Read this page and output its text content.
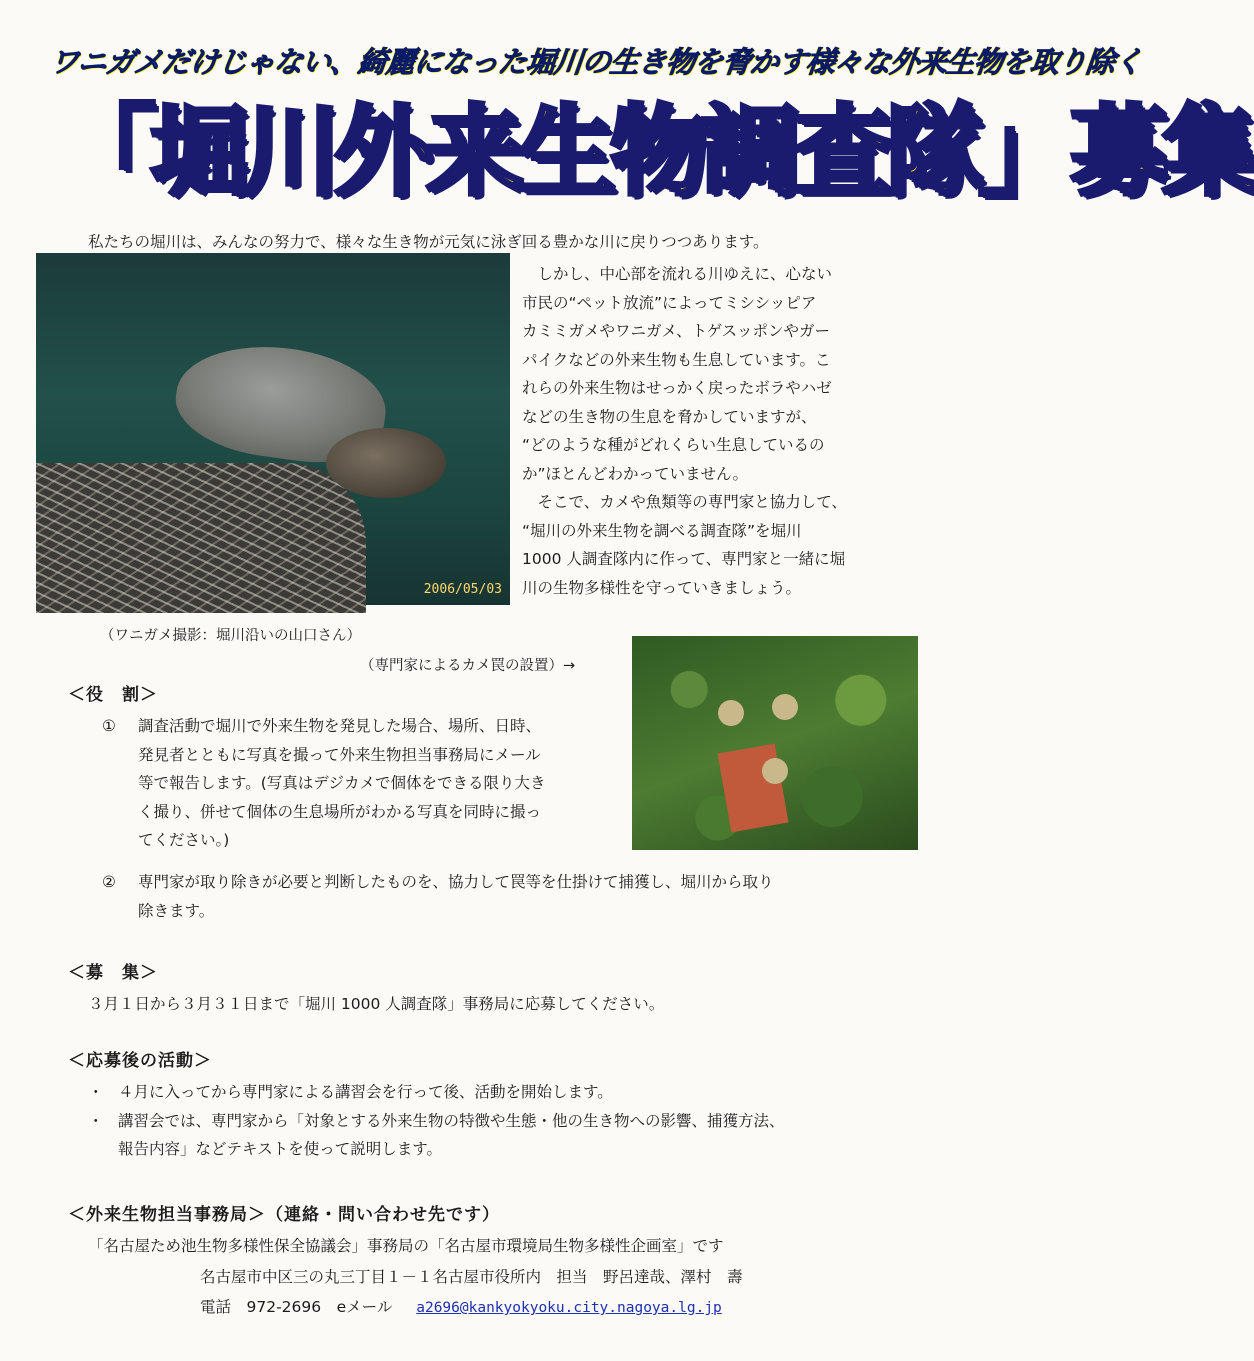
ワニガメだけじゃない、綺麗になった堀川の生き物を脅かす様々な外来生物を取り除く
「堀川外来生物調査隊」募集
私たちの堀川は、みんなの努力で、様々な生き物が元気に泳ぎ回る豊かな川に戻りつつあります。
2006/05/03
　しかし、中心部を流れる川ゆえに、心ない
市民の“ペット放流”によってミシシッピア
カミミガメやワニガメ、トゲスッポンやガー
パイクなどの外来生物も生息しています。こ
れらの外来生物はせっかく戻ったボラやハゼ
などの生き物の生息を脅かしていますが、
“どのような種がどれくらい生息しているの
か”ほとんどわかっていません。
　そこで、カメや魚類等の専門家と協力して、
“堀川の外来生物を調べる調査隊”を堀川
1000 人調査隊内に作って、専門家と一緒に堀
川の生物多様性を守っていきましょう。
（ワニガメ撮影：堀川沿いの山口さん）
（専門家によるカメ罠の設置）→
＜役　割＞
①	調査活動で堀川で外来生物を発見した場合、場所、日時、
発見者とともに写真を撮って外来生物担当事務局にメール
等で報告します。(写真はデジカメで個体をできる限り大き
く撮り、併せて個体の生息場所がわかる写真を同時に撮っ
てください。)
②	専門家が取り除きが必要と判断したものを、協力して罠等を仕掛けて捕獲し、堀川から取り
除きます。
＜募　集＞
３月１日から３月３１日まで「堀川 1000 人調査隊」事務局に応募してください。
＜応募後の活動＞
・ ４月に入ってから専門家による講習会を行って後、活動を開始します。
・ 講習会では、専門家から「対象とする外来生物の特徴や生態・他の生き物への影響、捕獲方法、
報告内容」などテキストを使って説明します。
＜外来生物担当事務局＞（連絡・問い合わせ先です）
「名古屋ため池生物多様性保全協議会」事務局の「名古屋市環境局生物多様性企画室」です
名古屋市中区三の丸三丁目１－１名古屋市役所内　担当　野呂達哉、澤村　壽
電話　972-2696　eメール a2696@kankyokyoku.city.nagoya.lg.jp
